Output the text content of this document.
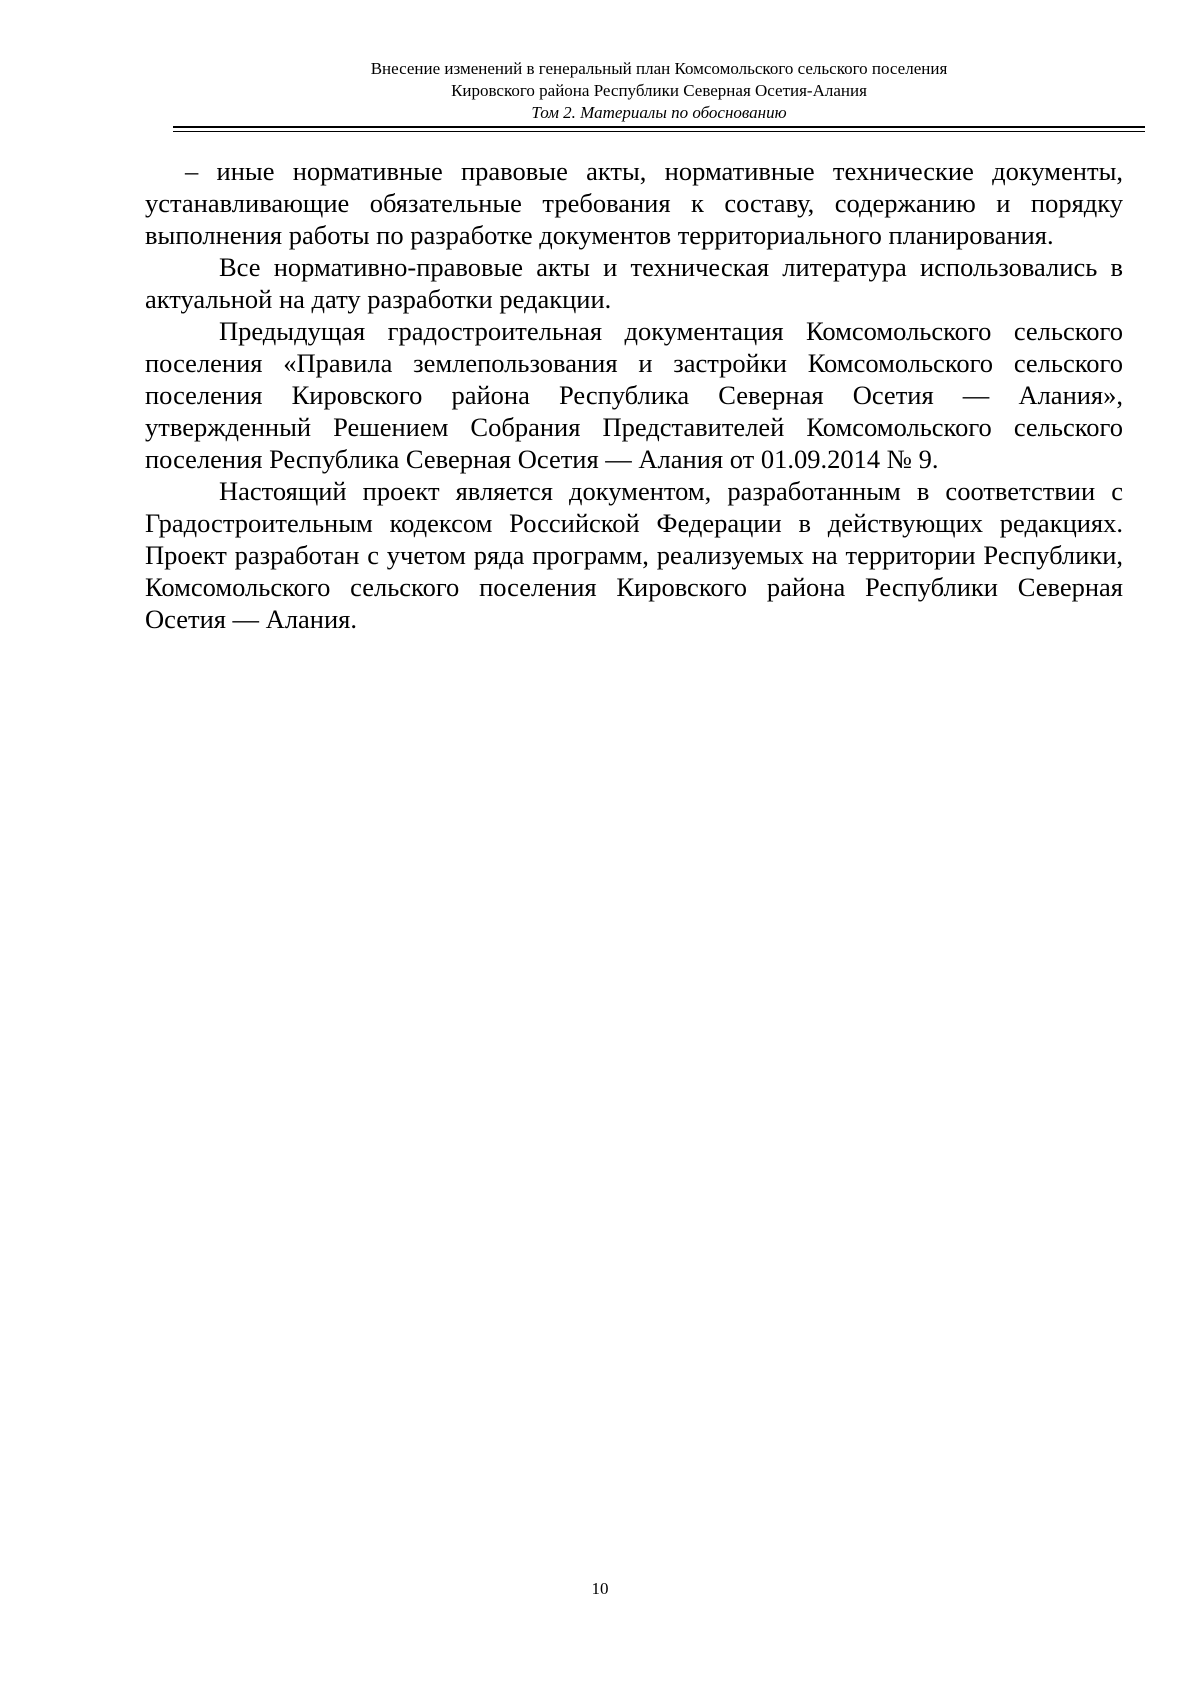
Внесение изменений в генеральный план Комсомольского сельского поселения
Кировского района Республики Северная Осетия-Алания
Том 2. Материалы по обоснованию

– иные нормативные правовые акты, нормативные технические документы, устанавливающие обязательные требования к составу, содержанию и порядку выполнения работы по разработке документов территориального планирования.

Все нормативно-правовые акты и техническая литература использовались в актуальной на дату разработки редакции.

Предыдущая градостроительная документация Комсомольского сельского поселения «Правила землепользования и застройки Комсомольского сельского поселения Кировского района Республика Северная Осетия — Алания», утвержденный Решением Собрания Представителей Комсомольского сельского поселения Республика Северная Осетия — Алания от 01.09.2014 № 9.

Настоящий проект является документом, разработанным в соответствии с Градостроительным кодексом Российской Федерации в действующих редакциях. Проект разработан с учетом ряда программ, реализуемых на территории Республики, Комсомольского сельского поселения Кировского района Республики Северная Осетия — Алания.

10
